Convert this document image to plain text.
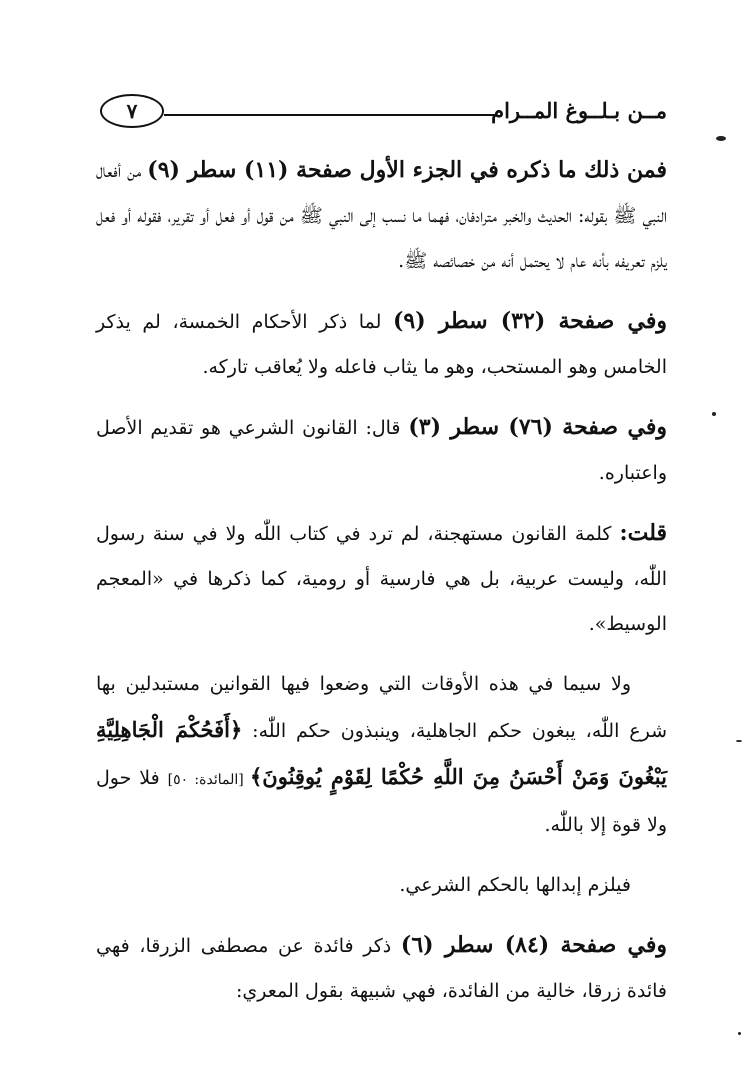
مــن بـلــوغ المــرام
٧

فمن ذلك ما ذكره في الجزء الأول صفحة (١١) سطر (٩) من أفعال النبي ﷺ بقوله: الحديث والخبر مترادفان، فهما ما نسب إلى النبي ﷺ من قول أو فعل أو تقرير، فقوله أو فعل يلزم تعريفه بأنه عام لا يحتمل أنه من خصائصه ﷺ.

وفي صفحة (٣٢) سطر (٩) لما ذكر الأحكام الخمسة، لم يذكر الخامس وهو المستحب، وهو ما يثاب فاعله ولا يُعاقب تاركه.

وفي صفحة (٧٦) سطر (٣) قال: القانون الشرعي هو تقديم الأصل واعتباره.

قلت: كلمة القانون مستهجنة، لم ترد في كتاب اللّٰه ولا في سنة رسول اللّٰه، وليست عربية، بل هي فارسية أو رومية، كما ذكرها في «المعجم الوسيط».

ولا سيما في هذه الأوقات التي وضعوا فيها القوانين مستبدلين بها شرع اللّٰه، يبغون حكم الجاهلية، وينبذون حكم اللّٰه: ﴿أَفَحُكْمَ الْجَاهِلِيَّةِ يَبْغُونَ وَمَنْ أَحْسَنُ مِنَ اللَّهِ حُكْمًا لِقَوْمٍ يُوقِنُونَ﴾ [المائدة: ٥٠] فلا حول ولا قوة إلا باللّٰه.

فيلزم إبدالها بالحكم الشرعي.

وفي صفحة (٨٤) سطر (٦) ذكر فائدة عن مصطفى الزرقا، فهي فائدة زرقا، خالية من الفائدة، فهي شبيهة بقول المعري:
